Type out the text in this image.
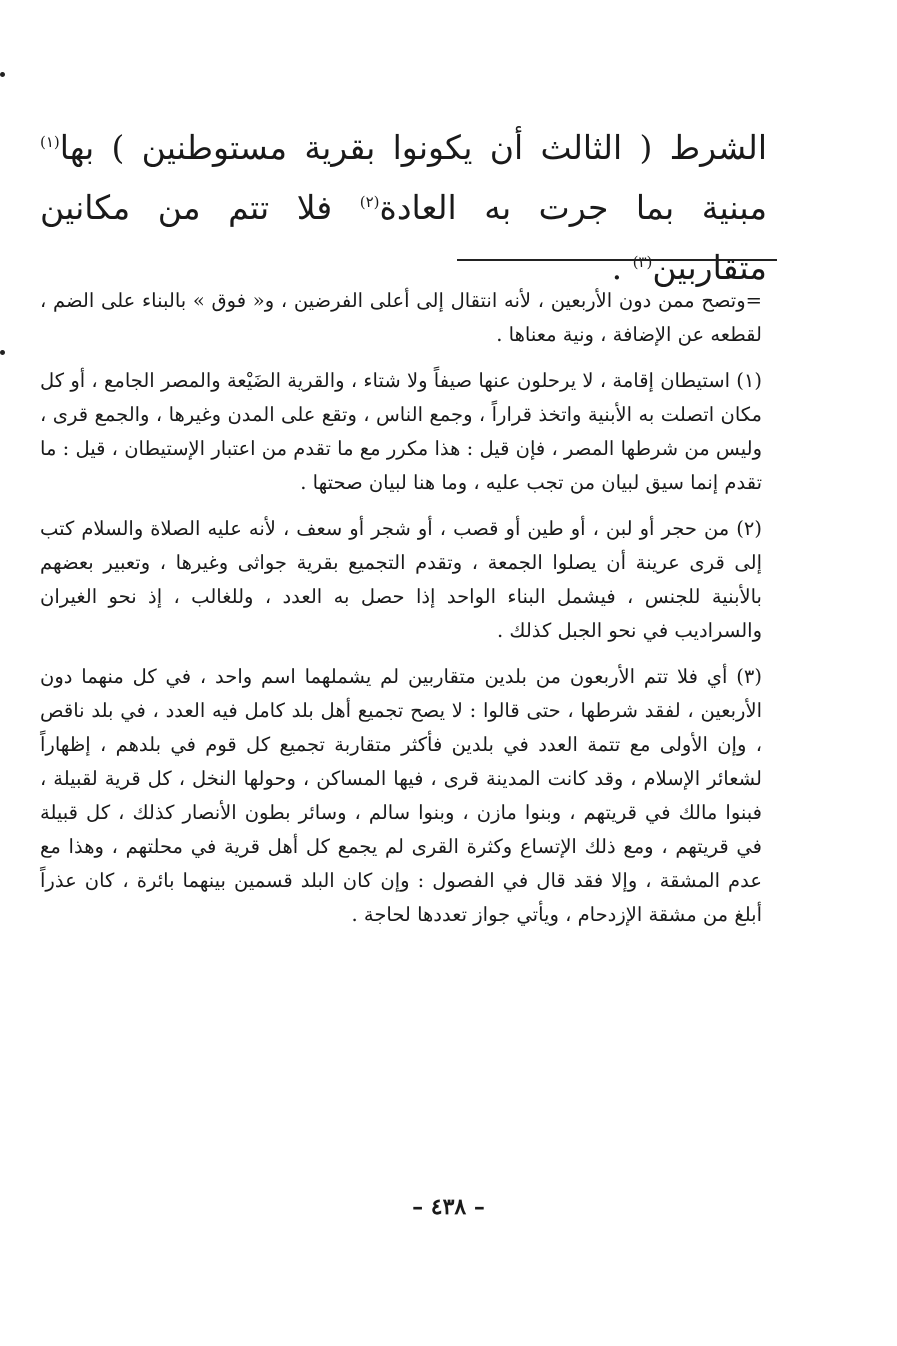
الشرط ( الثالث أن يكونوا بقرية مستوطنين ) بها$^{(١)}$ مبنية بما جرت به العادة$^{(٢)}$ فلا تتم من مكانين متقاربين$^{(٣)}$ .

=وتصح ممن دون الأربعين ، لأنه انتقال إلى أعلى الفرضين ، و« فوق » بالبناء على الضم ، لقطعه عن الإضافة ، ونية معناها .

(١) استيطان إقامة ، لا يرحلون عنها صيفاً ولا شتاء ، والقرية الضَيْعة والمصر الجامع ، أو كل مكان اتصلت به الأبنية واتخذ قراراً ، وجمع الناس ، وتقع على المدن وغيرها ، والجمع قرى ، وليس من شرطها المصر ، فإن قيل : هذا مكرر مع ما تقدم من اعتبار الإستيطان ، قيل : ما تقدم إنما سيق لبيان من تجب عليه ، وما هنا لبيان صحتها .

(٢) من حجر أو لبن ، أو طين أو قصب ، أو شجر أو سعف ، لأنه عليه الصلاة والسلام كتب إلى قرى عرينة أن يصلوا الجمعة ، وتقدم التجميع بقرية جواثى وغيرها ، وتعبير بعضهم بالأبنية للجنس ، فيشمل البناء الواحد إذا حصل به العدد ، وللغالب ، إذ نحو الغيران والسراديب في نحو الجبل كذلك .

(٣) أي فلا تتم الأربعون من بلدين متقاربين لم يشملهما اسم واحد ، في كل منهما دون الأربعين ، لفقد شرطها ، حتى قالوا : لا يصح تجميع أهل بلد كامل فيه العدد ، في بلد ناقص ، وإن الأولى مع تتمة العدد في بلدين فأكثر متقاربة تجميع كل قوم في بلدهم ، إظهاراً لشعائر الإسلام ، وقد كانت المدينة قرى ، فيها المساكن ، وحولها النخل ، كل قرية لقبيلة ، فبنوا مالك في قريتهم ، وبنوا مازن ، وبنوا سالم ، وسائر بطون الأنصار كذلك ، كل قبيلة في قريتهم ، ومع ذلك الإتساع وكثرة القرى لم يجمع كل أهل قرية في محلتهم ، وهذا مع عدم المشقة ، وإلا فقد قال في الفصول : وإن كان البلد قسمين بينهما بائرة ، كان عذراً أبلغ من مشقة الإزدحام ، ويأتي جواز تعددها لحاجة .

– ٤٣٨ –
